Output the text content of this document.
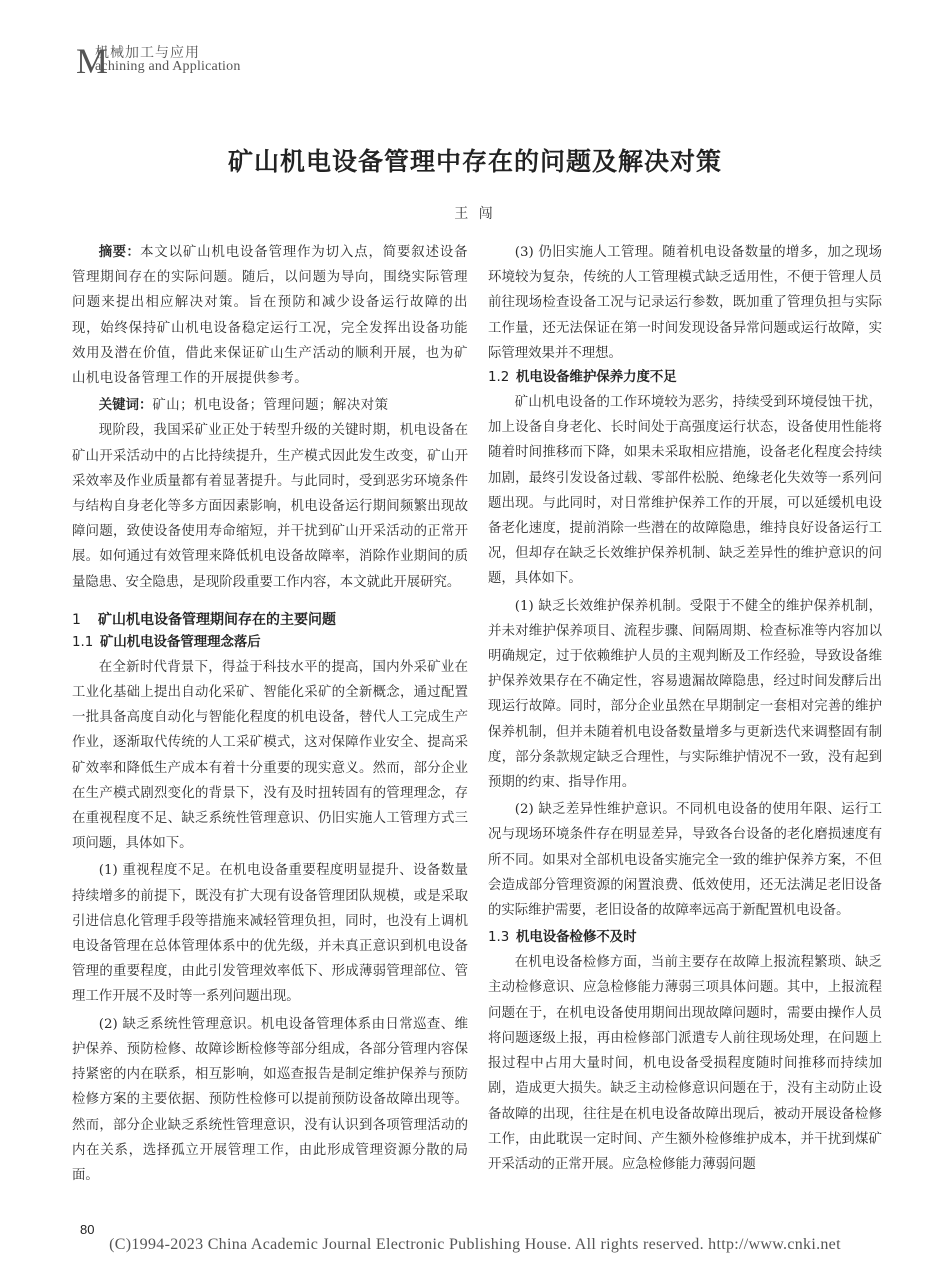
M
机械加工与应用
achining and Application
矿山机电设备管理中存在的问题及解决对策
王 闯

摘要：本文以矿山机电设备管理作为切入点，简要叙述设备管理期间存在的实际问题。随后，以问题为导向，围绕实际管理问题来提出相应解决对策。旨在预防和减少设备运行故障的出现，始终保持矿山机电设备稳定运行工况，完全发挥出设备功能效用及潜在价值，借此来保证矿山生产活动的顺利开展，也为矿山机电设备管理工作的开展提供参考。

关键词：矿山；机电设备；管理问题；解决对策

现阶段，我国采矿业正处于转型升级的关键时期，机电设备在矿山开采活动中的占比持续提升，生产模式因此发生改变，矿山开采效率及作业质量都有着显著提升。与此同时，受到恶劣环境条件与结构自身老化等多方面因素影响，机电设备运行期间频繁出现故障问题，致使设备使用寿命缩短，并干扰到矿山开采活动的正常开展。如何通过有效管理来降低机电设备故障率，消除作业期间的质量隐患、安全隐患，是现阶段重要工作内容，本文就此开展研究。

1 矿山机电设备管理期间存在的主要问题
1.1 矿山机电设备管理理念落后

在全新时代背景下，得益于科技水平的提高，国内外采矿业在工业化基础上提出自动化采矿、智能化采矿的全新概念，通过配置一批具备高度自动化与智能化程度的机电设备，替代人工完成生产作业，逐渐取代传统的人工采矿模式，这对保障作业安全、提高采矿效率和降低生产成本有着十分重要的现实意义。然而，部分企业在生产模式剧烈变化的背景下，没有及时扭转固有的管理理念，存在重视程度不足、缺乏系统性管理意识、仍旧实施人工管理方式三项问题，具体如下。

(1) 重视程度不足。在机电设备重要程度明显提升、设备数量持续增多的前提下，既没有扩大现有设备管理团队规模，或是采取引进信息化管理手段等措施来减轻管理负担，同时，也没有上调机电设备管理在总体管理体系中的优先级，并未真正意识到机电设备管理的重要程度，由此引发管理效率低下、形成薄弱管理部位、管理工作开展不及时等一系列问题出现。

(2) 缺乏系统性管理意识。机电设备管理体系由日常巡查、维护保养、预防检修、故障诊断检修等部分组成，各部分管理内容保持紧密的内在联系，相互影响，如巡查报告是制定维护保养与预防检修方案的主要依据、预防性检修可以提前预防设备故障出现等。然而，部分企业缺乏系统性管理意识，没有认识到各项管理活动的内在关系，选择孤立开展管理工作，由此形成管理资源分散的局面。

(3) 仍旧实施人工管理。随着机电设备数量的增多，加之现场环境较为复杂，传统的人工管理模式缺乏适用性，不便于管理人员前往现场检查设备工况与记录运行参数，既加重了管理负担与实际工作量，还无法保证在第一时间发现设备异常问题或运行故障，实际管理效果并不理想。

1.2 机电设备维护保养力度不足

矿山机电设备的工作环境较为恶劣，持续受到环境侵蚀干扰，加上设备自身老化、长时间处于高强度运行状态，设备使用性能将随着时间推移而下降，如果未采取相应措施，设备老化程度会持续加剧，最终引发设备过载、零部件松脱、绝缘老化失效等一系列问题出现。与此同时，对日常维护保养工作的开展，可以延缓机电设备老化速度，提前消除一些潜在的故障隐患，维持良好设备运行工况，但却存在缺乏长效维护保养机制、缺乏差异性的维护意识的问题，具体如下。

(1) 缺乏长效维护保养机制。受限于不健全的维护保养机制，并未对维护保养项目、流程步骤、间隔周期、检查标准等内容加以明确规定，过于依赖维护人员的主观判断及工作经验，导致设备维护保养效果存在不确定性，容易遗漏故障隐患，经过时间发酵后出现运行故障。同时，部分企业虽然在早期制定一套相对完善的维护保养机制，但并未随着机电设备数量增多与更新迭代来调整固有制度，部分条款规定缺乏合理性，与实际维护情况不一致，没有起到预期的约束、指导作用。

(2) 缺乏差异性维护意识。不同机电设备的使用年限、运行工况与现场环境条件存在明显差异，导致各台设备的老化磨损速度有所不同。如果对全部机电设备实施完全一致的维护保养方案，不但会造成部分管理资源的闲置浪费、低效使用，还无法满足老旧设备的实际维护需要，老旧设备的故障率远高于新配置机电设备。

1.3 机电设备检修不及时

在机电设备检修方面，当前主要存在故障上报流程繁琐、缺乏主动检修意识、应急检修能力薄弱三项具体问题。其中，上报流程问题在于，在机电设备使用期间出现故障问题时，需要由操作人员将问题逐级上报，再由检修部门派遣专人前往现场处理，在问题上报过程中占用大量时间，机电设备受损程度随时间推移而持续加剧，造成更大损失。缺乏主动检修意识问题在于，没有主动防止设备故障的出现，往往是在机电设备故障出现后，被动开展设备检修工作，由此耽误一定时间、产生额外检修维护成本，并干扰到煤矿开采活动的正常开展。应急检修能力薄弱问题

80
(C)1994-2023 China Academic Journal Electronic Publishing House. All rights reserved. http://www.cnki.net
